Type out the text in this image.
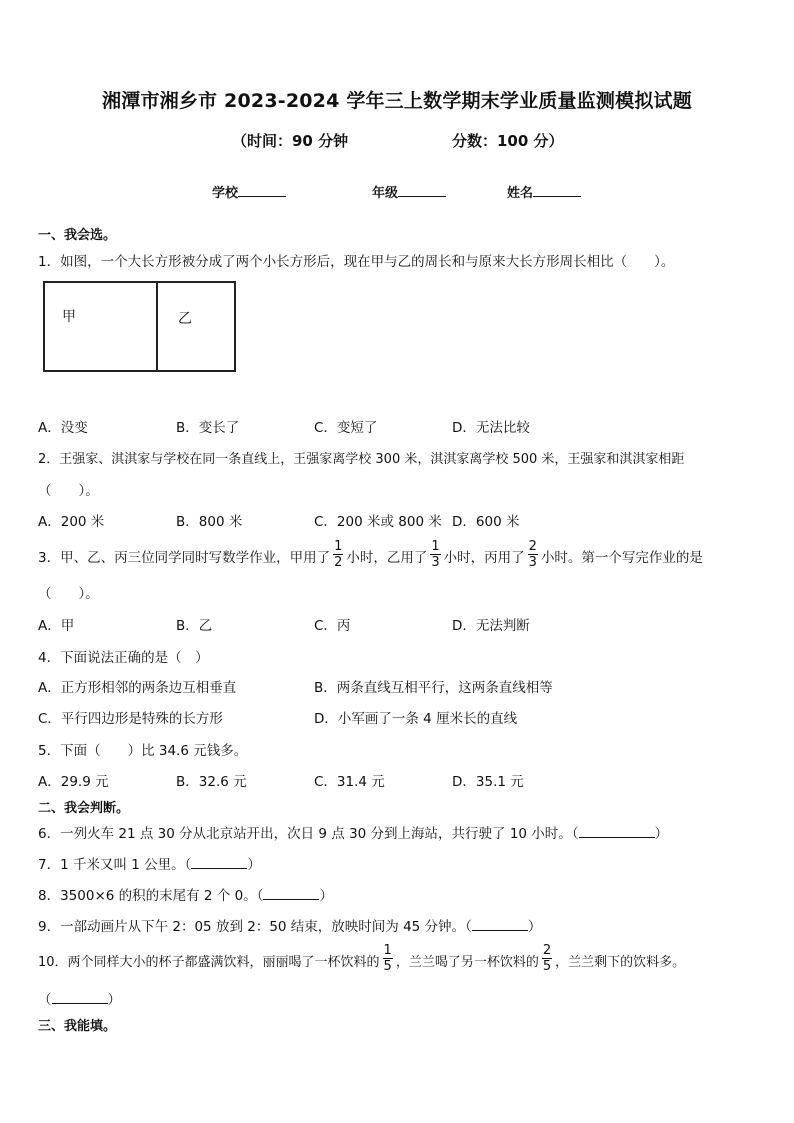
湘潭市湘乡市 2023-2024 学年三上数学期末学业质量监测模拟试题
（时间：90 分钟	分数：100 分）
学校	年级	姓名
一、我会选。
1．如图，一个大长方形被分成了两个小长方形后，现在甲与乙的周长和与原来大长方形周长相比（　　）。
甲	乙
A．没变	B．变长了	C．变短了	D．无法比较
2．王强家、淇淇家与学校在同一条直线上，王强家离学校 300 米，淇淇家离学校 500 米，王强家和淇淇家相距
（　　）。
A．200 米	B．800 米	C．200 米或 800 米 D．600 米
3．甲、乙、丙三位同学同时写数学作业，甲用了 $\frac{1}{2}$ 小时，乙用了 $\frac{1}{3}$ 小时，丙用了 $\frac{2}{3}$ 小时。第一个写完作业的是
（　　）。
A．甲	B．乙	C．丙	D．无法判断
4．下面说法正确的是（　）
A．正方形相邻的两条边互相垂直	B．两条直线互相平行，这两条直线相等
C．平行四边形是特殊的长方形	D．小军画了一条 4 厘米长的直线
5．下面（　　）比 34.6 元钱多。
A．29.9 元	B．32.6 元	C．31.4 元	D．35.1 元
二、我会判断。
6．一列火车 21 点 30 分从北京站开出，次日 9 点 30 分到上海站，共行驶了 10 小时。（	）
7．1 千米又叫 1 公里。（	）
8．3500×6 的积的末尾有 2 个 0。（	）
9．一部动画片从下午 2：05 放到 2：50 结束，放映时间为 45 分钟。（	）
10．两个同样大小的杯子都盛满饮料，丽丽喝了一杯饮料的 $\frac{1}{5}$ ，兰兰喝了另一杯饮料的 $\frac{2}{5}$ ，兰兰剩下的饮料多。
（	）
三、我能填。
